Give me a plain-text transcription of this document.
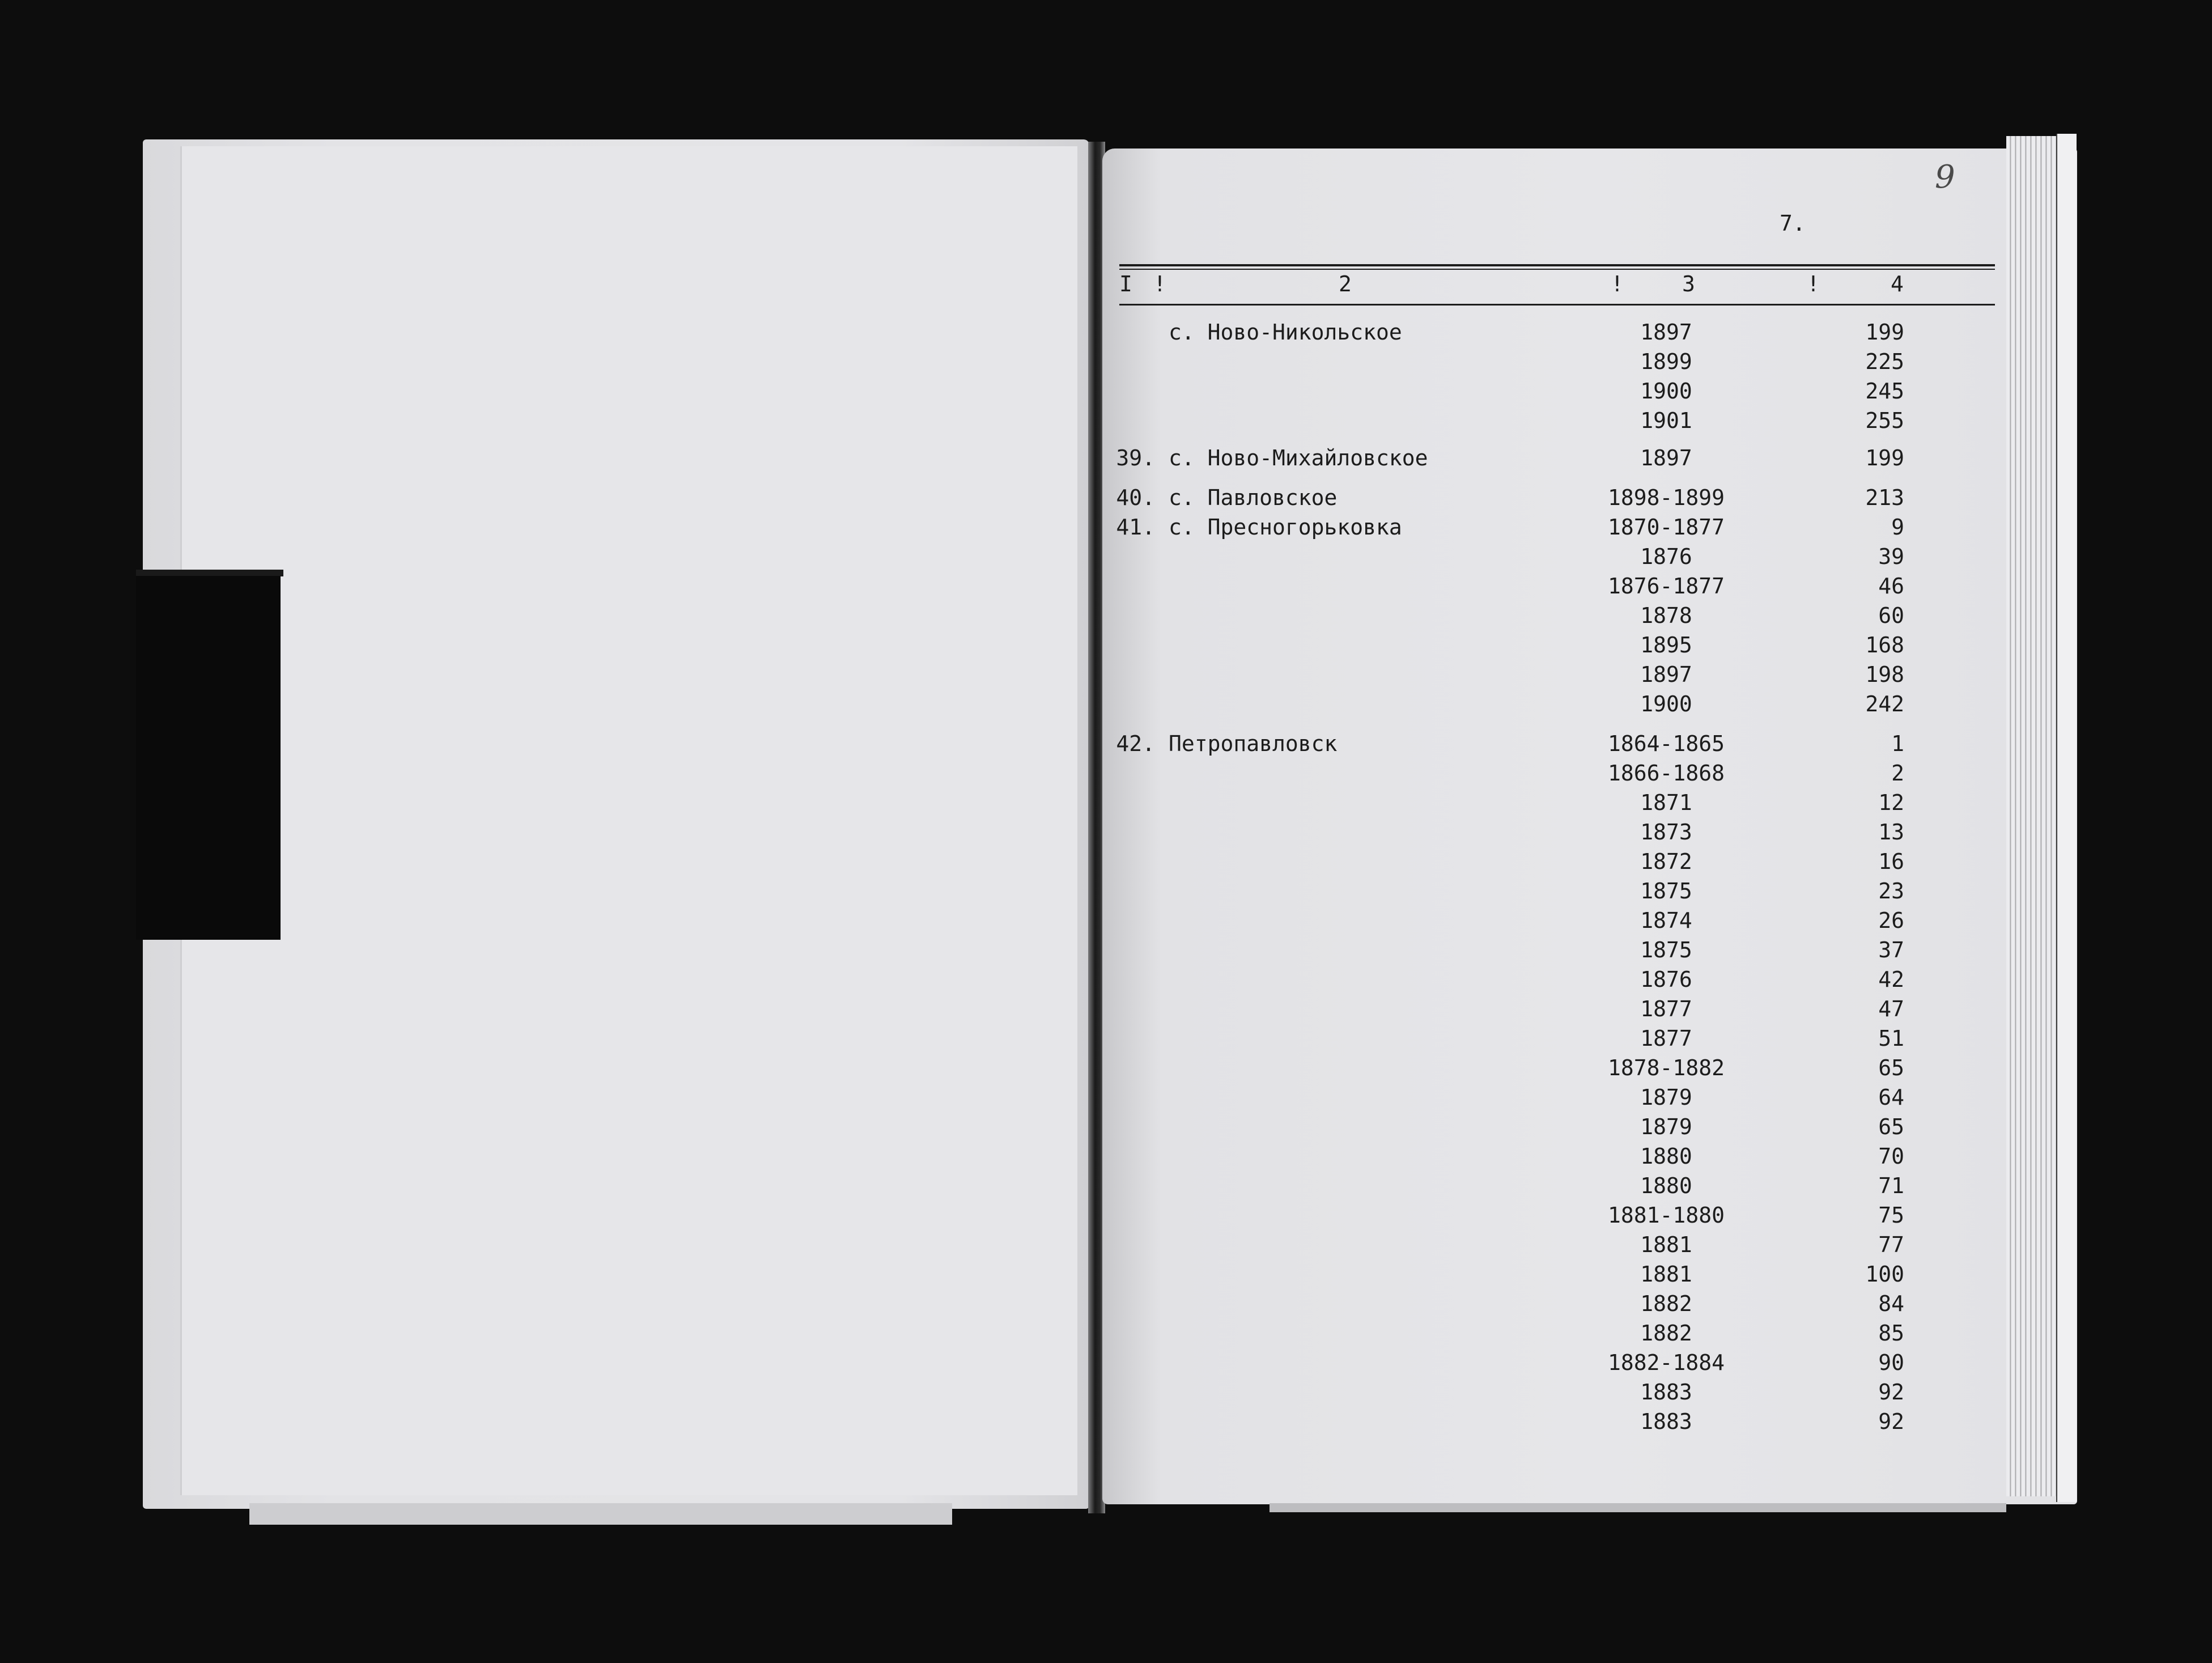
9
7.
I !	2	!	3	!	4
с. Ново-Никольское	1897	199
1899	225
1900	245
1901	255
39. с. Ново-Михайловское	1897	199
40. с. Павловское	1898-1899	213
41. с. Пресногорьковка	1870-1877	9
1876	39
1876-1877	46
1878	60
1895	168
1897	198
1900	242
42. Петропавловск	1864-1865	1
1866-1868	2
1871	12
1873	13
1872	16
1875	23
1874	26
1875	37
1876	42
1877	47
1877	51
1878-1882	65
1879	64
1879	65
1880	70
1880	71
1881-1880	75
1881	77
1881	100
1882	84
1882	85
1882-1884	90
1883	92
1883	92
